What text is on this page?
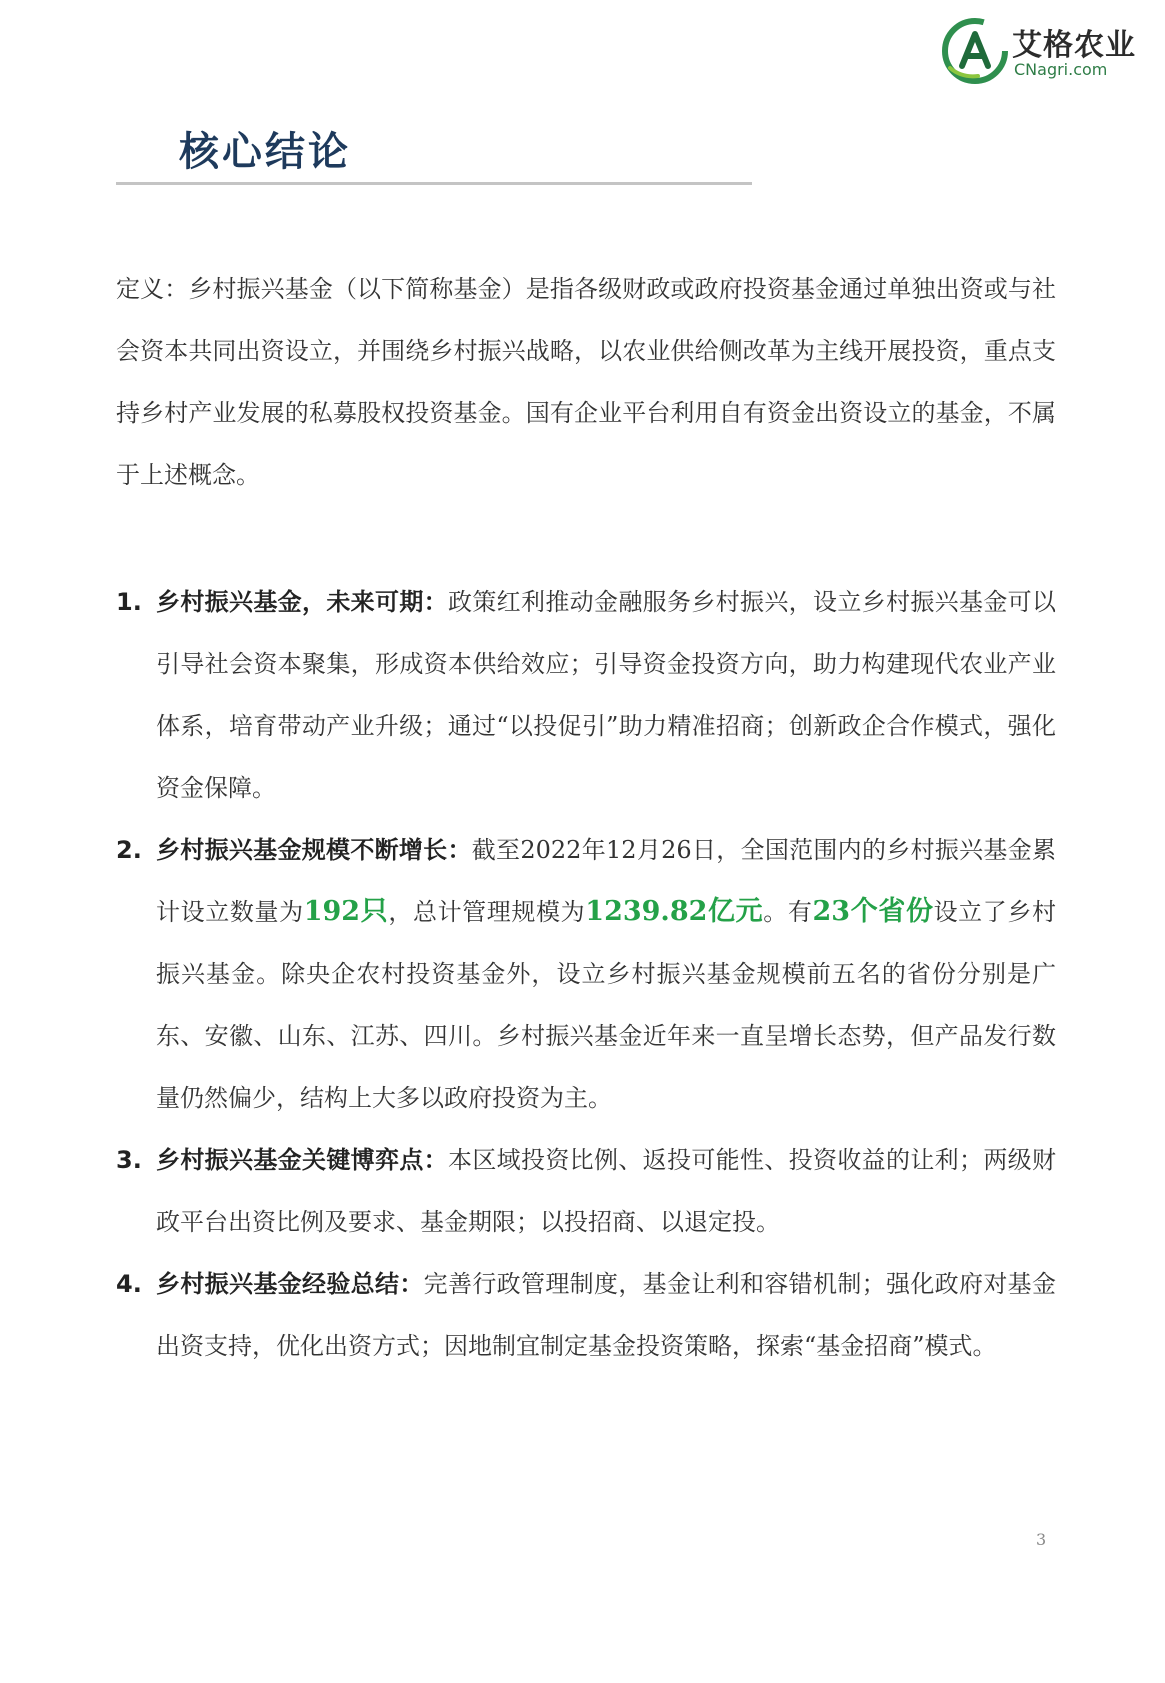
艾格农业
CNagri.com
核心结论

定义：乡村振兴基金（以下简称基金）是指各级财政或政府投资基金通过单独出资或与社会资本共同出资设立，并围绕乡村振兴战略，以农业供给侧改革为主线开展投资，重点支持乡村产业发展的私募股权投资基金。国有企业平台利用自有资金出资设立的基金，不属于上述概念。

1. 乡村振兴基金，未来可期：政策红利推动金融服务乡村振兴，设立乡村振兴基金可以引导社会资本聚集，形成资本供给效应；引导资金投资方向，助力构建现代农业产业体系，培育带动产业升级；通过“以投促引”助力精准招商；创新政企合作模式，强化资金保障。
2. 乡村振兴基金规模不断增长：截至2022年12月26日，全国范围内的乡村振兴基金累计设立数量为192只，总计管理规模为1239.82亿元。有23个省份设立了乡村振兴基金。除央企农村投资基金外，设立乡村振兴基金规模前五名的省份分别是广东、安徽、山东、江苏、四川。乡村振兴基金近年来一直呈增长态势，但产品发行数量仍然偏少，结构上大多以政府投资为主。
3. 乡村振兴基金关键博弈点：本区域投资比例、返投可能性、投资收益的让利；两级财政平台出资比例及要求、基金期限；以投招商、以退定投。
4. 乡村振兴基金经验总结：完善行政管理制度，基金让利和容错机制；强化政府对基金出资支持，优化出资方式；因地制宜制定基金投资策略，探索“基金招商”模式。
3
